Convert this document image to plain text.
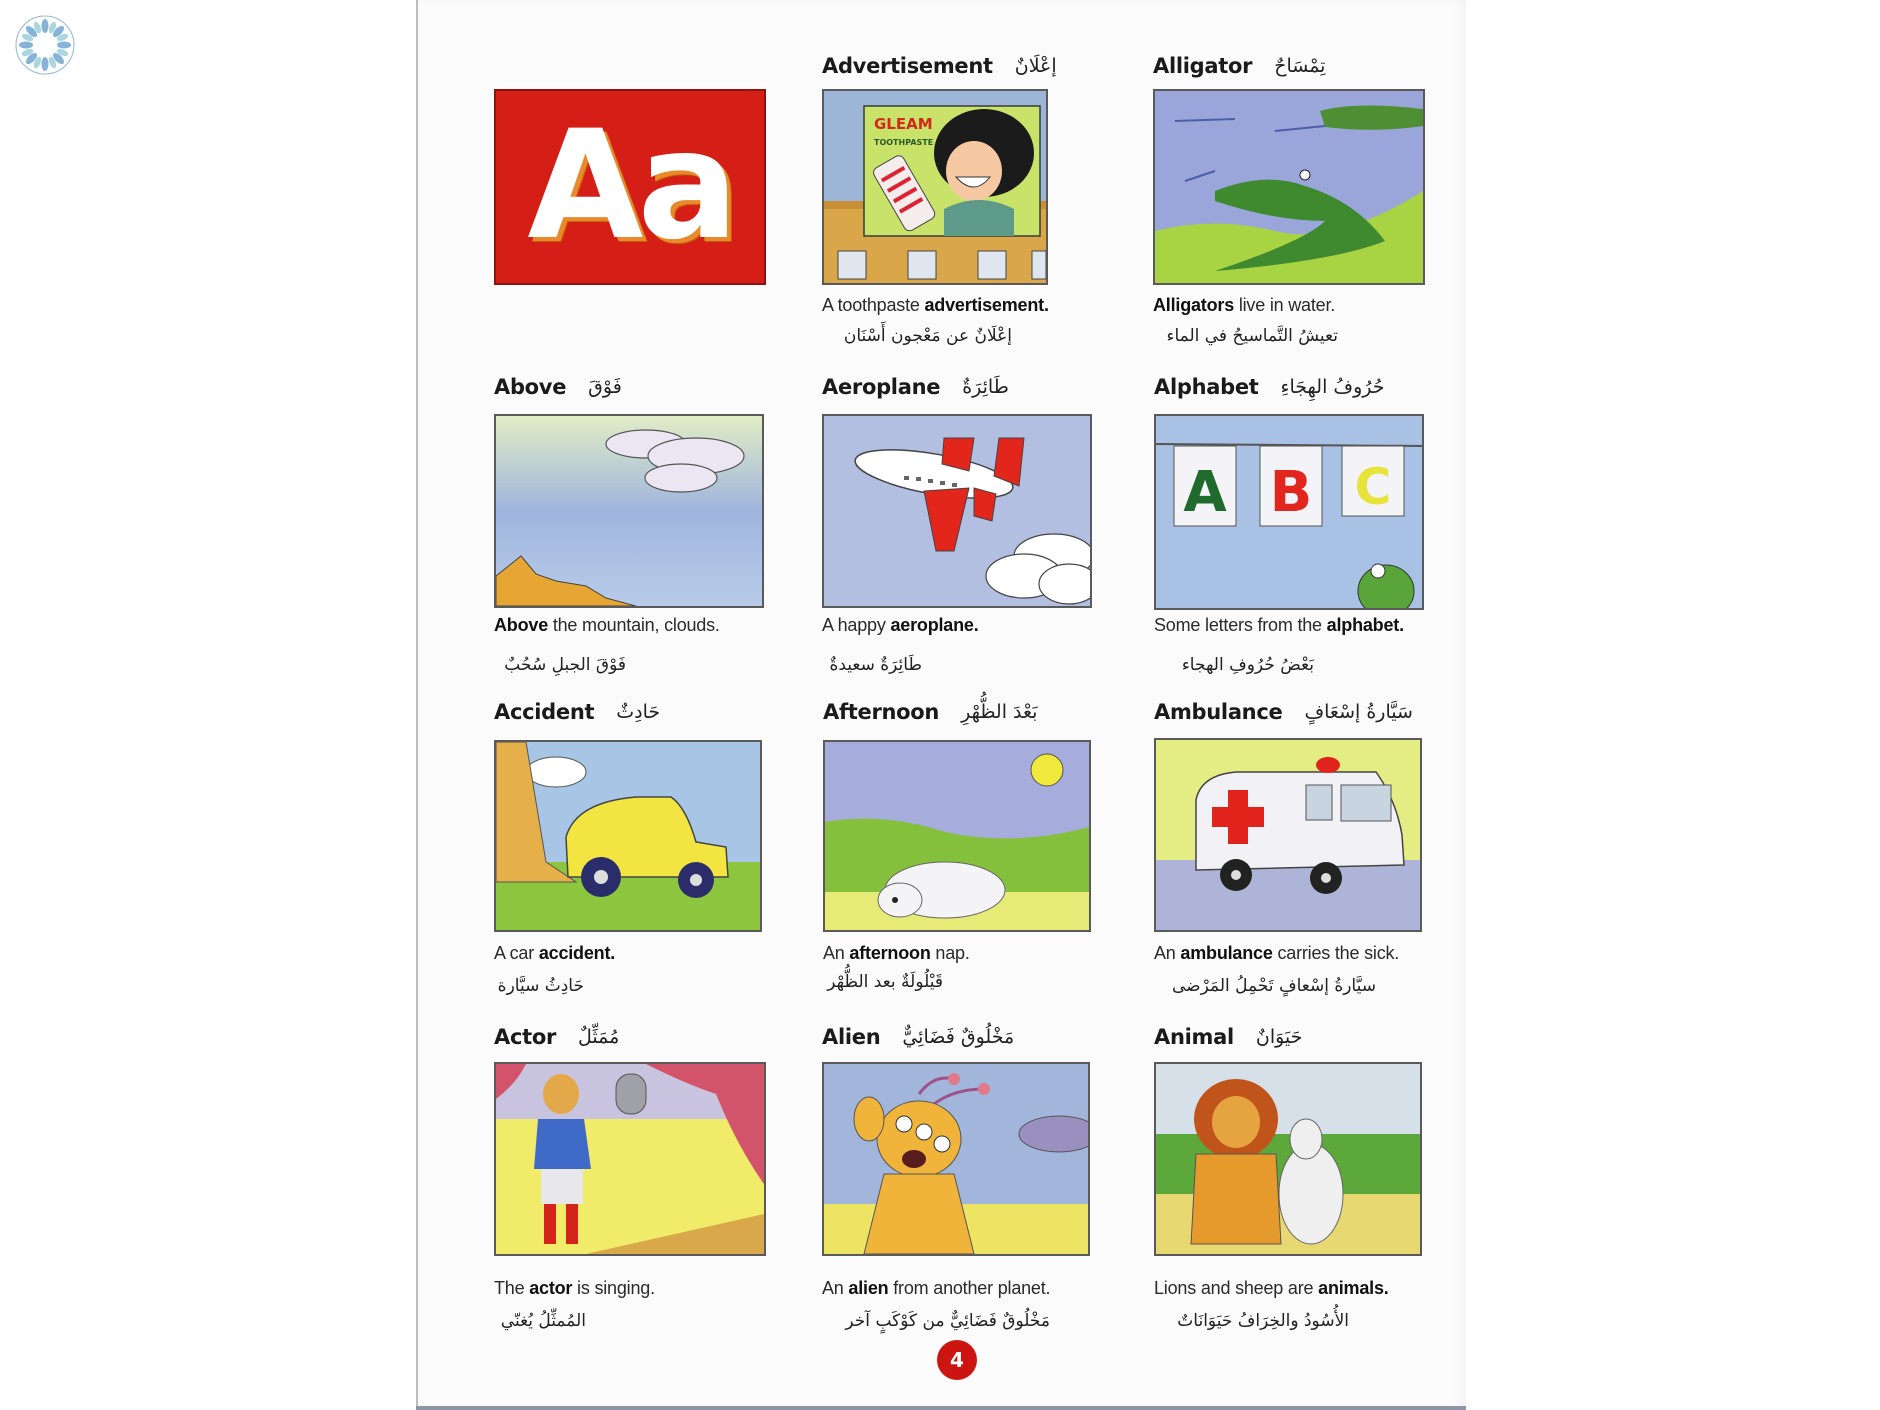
Aa
Advertisement إعْلَانٌ
GLEAM
TOOTHPASTE
A toothpaste advertisement.
إعْلَانٌ عن مَعْجون أَسْنَان
Alligator تِمْسَاحٌ
Alligators live in water.
تعيشُ التَّماسيحُ في الماء
Above فَوْقَ
Above the mountain, clouds.
فَوْقَ الجبلِ سُحُبٌ
Aeroplane طَائِرَةٌ
A happy aeroplane.
طَائِرَةٌ سعيدةٌ
Alphabet حُرُوفُ الهِجَاءِ
A B C
Some letters from the alphabet.
بَعْضُ حُرُوفِ الهجاء
Accident حَادِثٌ
A car accident.
حَادِثُ سيَّارة
Afternoon بَعْدَ الظُّهْرِ
An afternoon nap.
قَيْلُولَةٌ بعد الظُّهْر
Ambulance سَيَّارةُ إسْعَافٍ
An ambulance carries the sick.
سيَّارةُ إسْعافٍ تَحْمِلُ المَرْضى
Actor مُمَثِّلٌ
The actor is singing.
المُمثِّلُ يُغنّي
Alien مَخْلُوقٌ فَضَائِيٌّ
An alien from another planet.
مَخْلُوقٌ فَضَائِيٌّ من كَوْكَبٍ آخر
Animal حَيَوَانٌ
Lions and sheep are animals.
الأُسُودُ والخِرَافُ حَيَوَانَاتٌ
4
